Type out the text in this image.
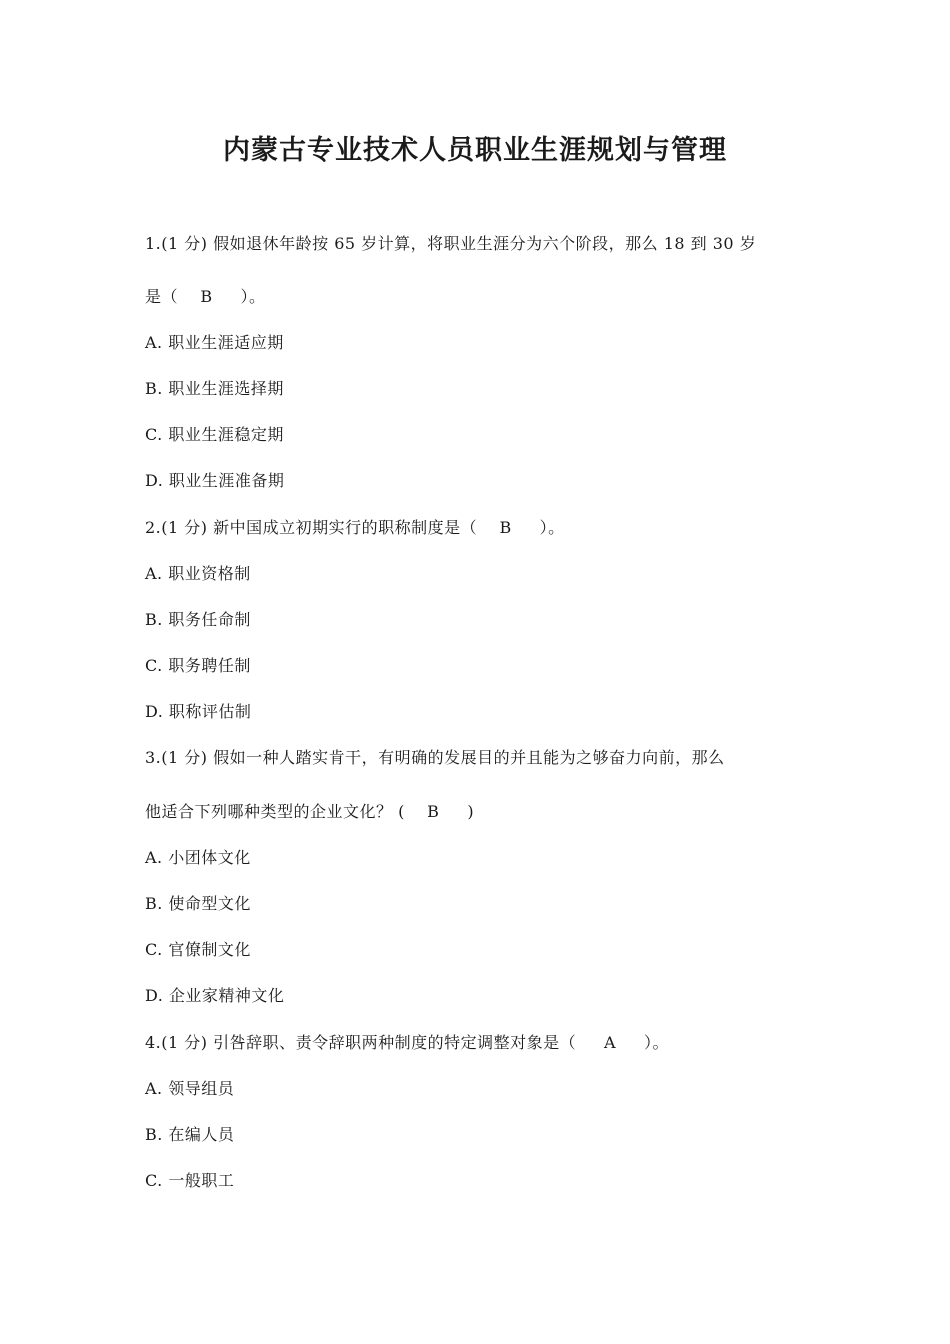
内蒙古专业技术人员职业生涯规划与管理
1.(1 分) 假如退休年龄按 65 岁计算，将职业生涯分为六个阶段，那么 18 到 30 岁
是（    B     ）。
A. 职业生涯适应期
B. 职业生涯选择期
C. 职业生涯稳定期
D. 职业生涯准备期
2.(1 分) 新中国成立初期实行的职称制度是（    B     ）。
A. 职业资格制
B. 职务任命制
C. 职务聘任制
D. 职称评估制
3.(1 分) 假如一种人踏实肯干，有明确的发展目的并且能为之够奋力向前，那么
他适合下列哪种类型的企业文化？ (    B     )
A. 小团体文化
B. 使命型文化
C. 官僚制文化
D. 企业家精神文化
4.(1 分) 引咎辞职、责令辞职两种制度的特定调整对象是（     A     ）。
A. 领导组员
B. 在编人员
C. 一般职工
